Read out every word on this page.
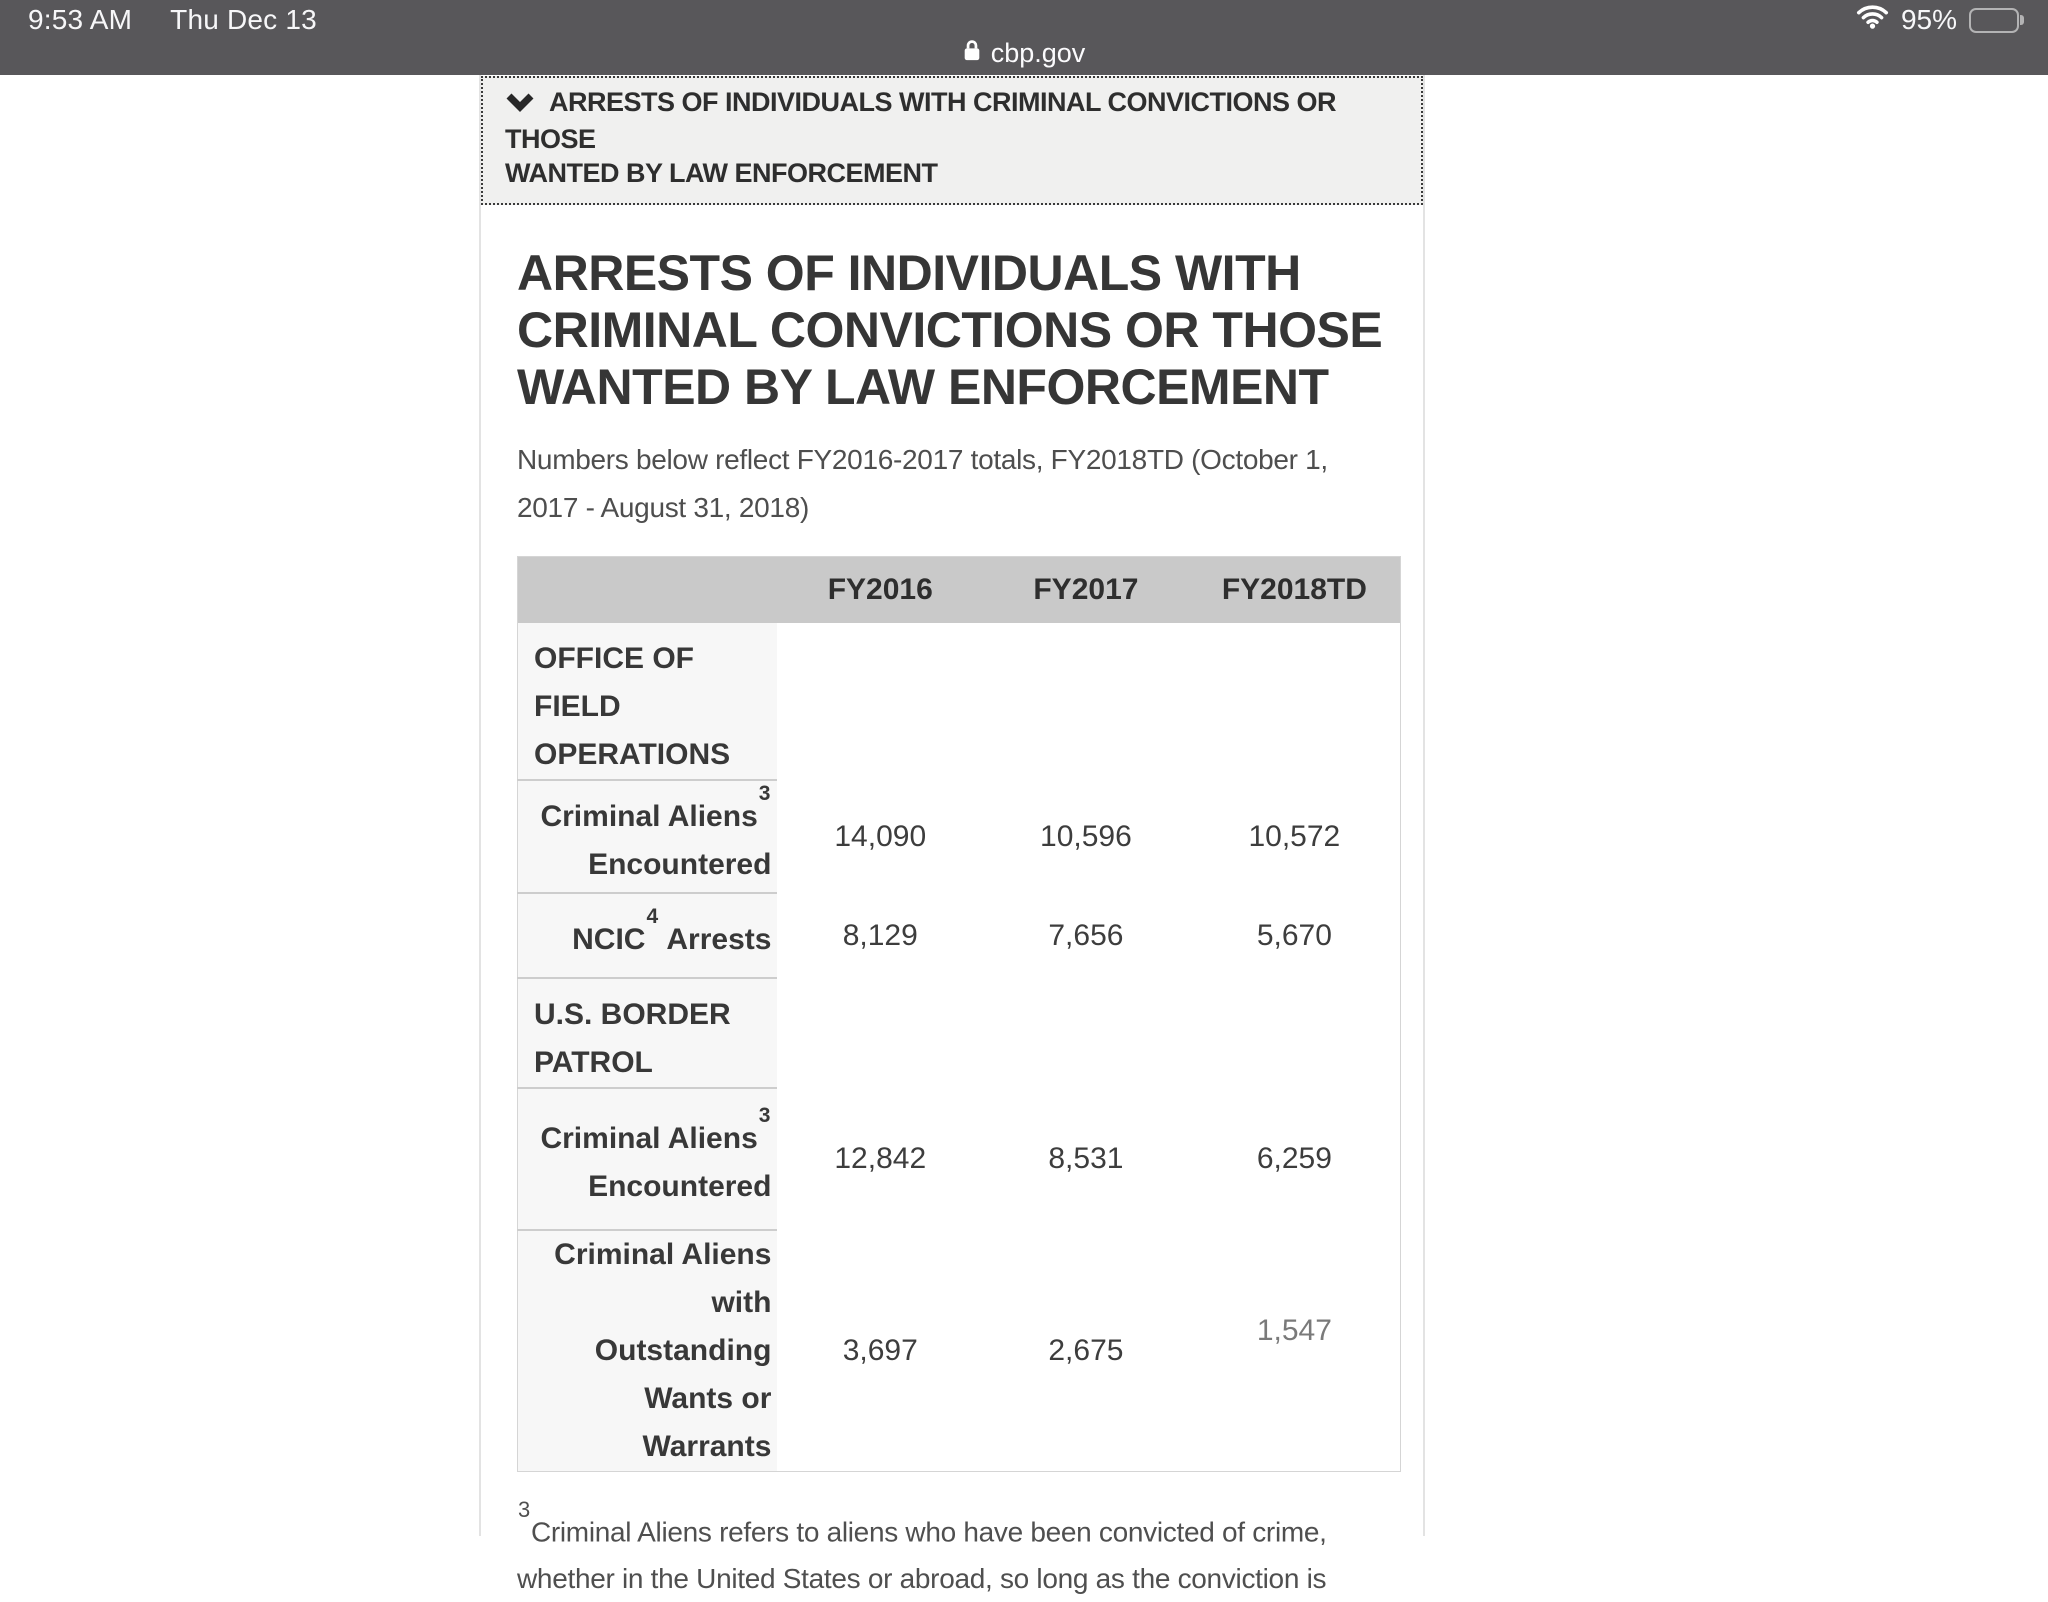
9:53 AM Thu Dec 13	95%
cbp.gov
ARRESTS OF INDIVIDUALS WITH CRIMINAL CONVICTIONS OR THOSE
WANTED BY LAW ENFORCEMENT
ARRESTS OF INDIVIDUALS WITH
CRIMINAL CONVICTIONS OR THOSE
WANTED BY LAW ENFORCEMENT
Numbers below reflect FY2016-2017 totals, FY2018TD (October 1,
2017 - August 31, 2018)
	FY2016	FY2017	FY2018TD

OFFICE OF
FIELD
OPERATIONS			

Criminal Aliens$^3$
Encountered	14,090	10,596	10,572

NCIC$^4$ Arrests	8,129	7,656	5,670

U.S. BORDER
PATROL			

Criminal Aliens$^3$
Encountered	12,842	8,531	6,259

Criminal Aliens
with
Outstanding
Wants or
Warrants	3,697	2,675	1,547
$^3$Criminal Aliens refers to aliens who have been convicted of crime,
whether in the United States or abroad, so long as the conviction is
